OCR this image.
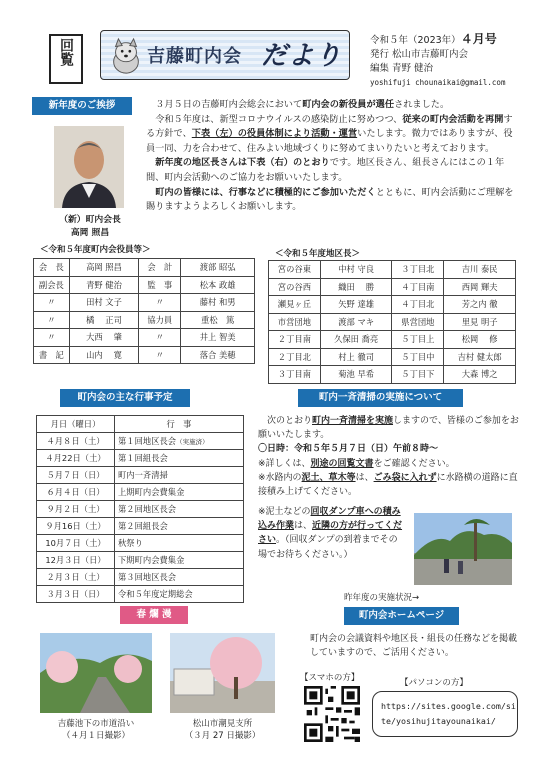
回覧	吉藤町内会 だより
令和５年（2023年）４月号
発行 松山市吉藤町内会
編集 青野 健治
yoshifuji chounaikai@gmail.com
新年度のご挨拶
（新）町内会長
高岡 照昌

３月５日の吉藤町内会総会において町内会の新役員が選任されました。

令和５年度は、新型コロナウイルスの感染防止に努めつつ、従来の町内会活動を再開する方針で、下表（左）の役員体制により活動・運営いたします。微力ではありますが、役員一同、力を合わせて、住みよい地域づくりに努めてまいりたいと考えております。

新年度の地区長さんは下表（右）のとおりです。地区長さん、組長さんにはこの１年間、町内会活動へのご協力をお願いいたします。

町内の皆様には、行事などに積極的にご参加いただくとともに、町内会活動にご理解を賜りますようよろしくお願いします。

＜令和５年度町内会役員等＞
会　長	高岡 照昌	会　計	渡部 昭弘
副会長	青野 健治	監　事	松本 政雄
〃	田村 文子	〃	藤村 和男
〃	橘　 正司	協力員	重松　篤
〃	大西　 肇	〃	井上 智美
書　記	山内　 寛	〃	落合 美穂
＜令和５年度地区長＞
宮の谷東	中村 守良	３丁目北	吉川 泰民
宮の谷西	織田　 勝	４丁目南	西岡 輝夫
瀬見ヶ丘	矢野 達雄	４丁目北	芳之内 徹
市営団地	渡部 マキ	県営団地	里見 明子
２丁目南	久保田 喬亮	５丁目上	松岡　 修
２丁目北	村上 徹司	５丁目中	吉村 健太郎
３丁目南	菊池 早希	５丁目下	大森 博之
町内会の主な行事予定
月日（曜日）	行　事
４月８日（土）	第１回地区長会（実施済）
４月22日（土）	第１回組長会
５月７日（日）	町内一斉清掃
６月４日（日）	上期町内会費集金
９月２日（土）	第２回地区長会
９月16日（土）	第２回組長会
10月７日（土）	秋祭り
12月３日（日）	下期町内会費集金
２月３日（土）	第３回地区長会
３月３日（日）	令和５年度定期総会
町内一斉清掃の実施について

次のとおり町内一斉清掃を実施しますので、皆様のご参加をお願いいたします。

〇日時：令和５年５月７日（日）午前８時～

※詳しくは、別途の回覧文書をご確認ください。

※水路内の泥土、草木等は、ごみ袋に入れずに水路横の道路に直接積み上げてください。

※泥土などの回収ダンプ車への積み込み作業は、近隣の方が行ってください。（回収ダンプの到着までその場でお待ちください。）
昨年度の実施状況→
春 爛 漫
吉藤池下の市道沿い
（４月１日撮影）
松山市潮見支所
（３月 27 日撮影）
町内会ホームページ
町内会の会議資料や地区長・組長の任務などを掲載していますので、ご活用ください。
【スマホの方】	【パソコンの方】
https://sites.google.com/site/yosihujitayounaikai/
